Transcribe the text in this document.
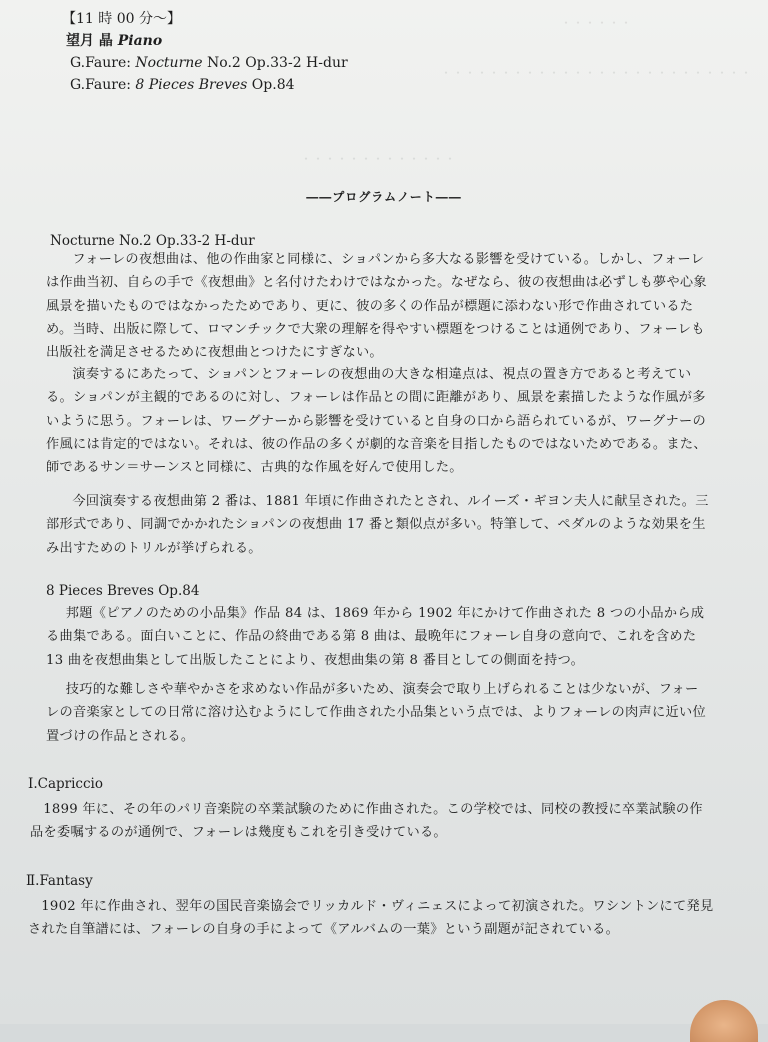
・・・・・・
・・・・・・・・・・・・・・・・・・・・・・・・・・
・・・・・・・・・・・・・
【11 時 00 分～】
望月 晶 Piano
G.Faure: Nocturne No.2 Op.33-2 H-dur
G.Faure: 8 Pieces Breves Op.84
――プログラムノート――
Nocturne No.2 Op.33-2 H-dur
フォーレの夜想曲は、他の作曲家と同様に、ショパンから多大なる影響を受けている。しかし、フォーレは作曲当初、自らの手で《夜想曲》と名付けたわけではなかった。なぜなら、彼の夜想曲は必ずしも夢や心象風景を描いたものではなかったためであり、更に、彼の多くの作品が標題に添わない形で作曲されているため。当時、出版に際して、ロマンチックで大衆の理解を得やすい標題をつけることは通例であり、フォーレも出版社を満足させるために夜想曲とつけたにすぎない。
演奏するにあたって、ショパンとフォーレの夜想曲の大きな相違点は、視点の置き方であると考えている。ショパンが主観的であるのに対し、フォーレは作品との間に距離があり、風景を素描したような作風が多いように思う。フォーレは、ワーグナーから影響を受けていると自身の口から語られているが、ワーグナーの作風には肯定的ではない。それは、彼の作品の多くが劇的な音楽を目指したものではないためである。また、師であるサン＝サーンスと同様に、古典的な作風を好んで使用した。
今回演奏する夜想曲第 2 番は、1881 年頃に作曲されたとされ、ルイーズ・ギヨン夫人に献呈された。三部形式であり、同調でかかれたショパンの夜想曲 17 番と類似点が多い。特筆して、ペダルのような効果を生み出すためのトリルが挙げられる。
8 Pieces Breves Op.84
邦題《ピアノのための小品集》作品 84 は、1869 年から 1902 年にかけて作曲された 8 つの小品から成る曲集である。面白いことに、作品の終曲である第 8 曲は、最晩年にフォーレ自身の意向で、これを含めた 13 曲を夜想曲集として出版したことにより、夜想曲集の第 8 番目としての側面を持つ。
技巧的な難しさや華やかさを求めない作品が多いため、演奏会で取り上げられることは少ないが、フォーレの音楽家としての日常に溶け込むようにして作曲された小品集という点では、よりフォーレの肉声に近い位置づけの作品とされる。
Ⅰ.Capriccio
1899 年に、その年のパリ音楽院の卒業試験のために作曲された。この学校では、同校の教授に卒業試験の作品を委嘱するのが通例で、フォーレは幾度もこれを引き受けている。
Ⅱ.Fantasy
1902 年に作曲され、翌年の国民音楽協会でリッカルド・ヴィニェスによって初演された。ワシントンにて発見された自筆譜には、フォーレの自身の手によって《アルバムの一葉》という副題が記されている。
